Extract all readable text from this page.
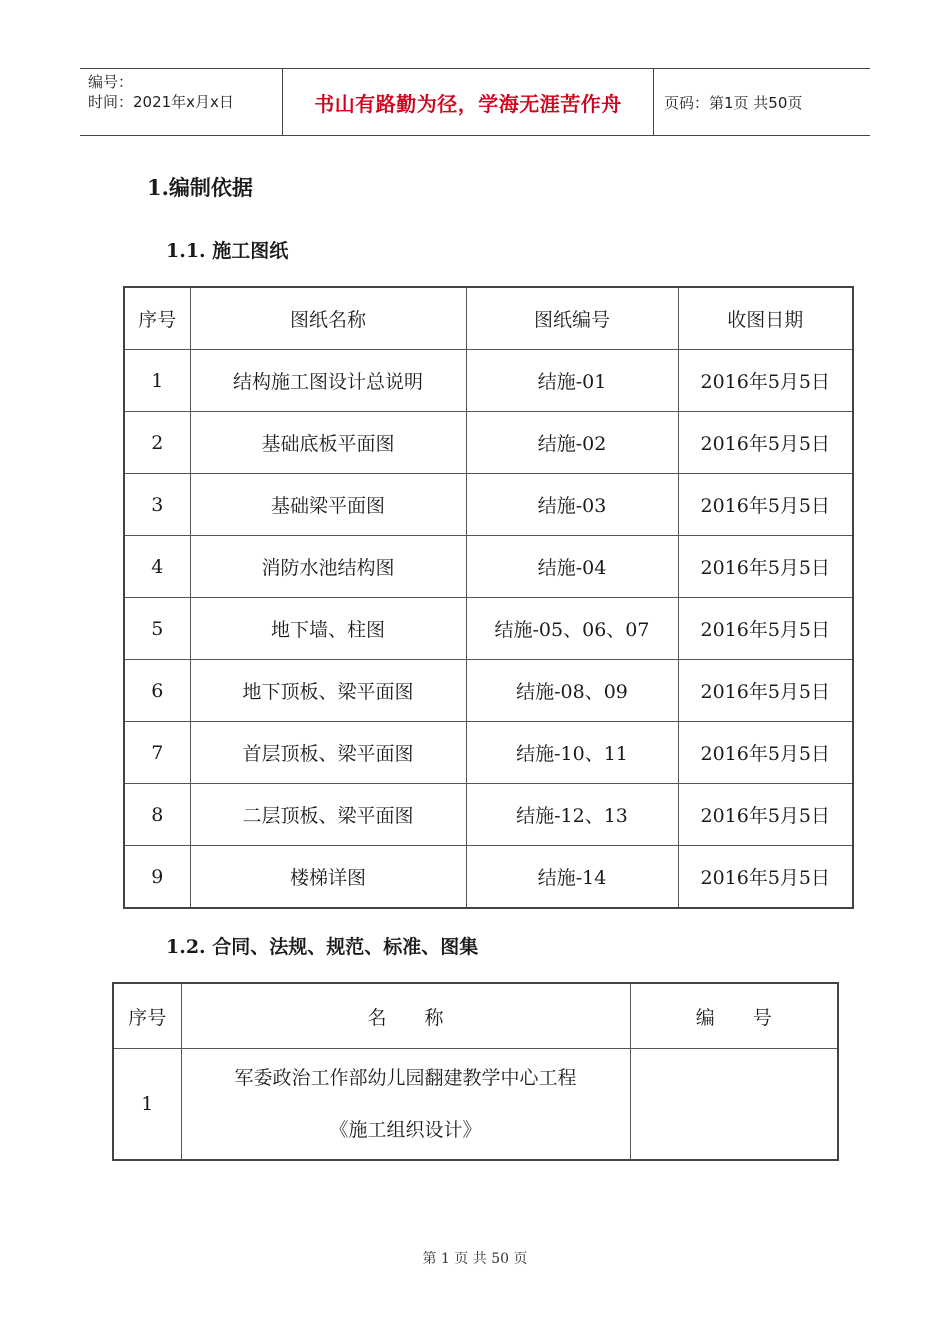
编号：
时间：2021年x月x日	书山有路勤为径，学海无涯苦作舟	页码：第1页 共50页
1.编制依据
1.1. 施工图纸
序号	图纸名称	图纸编号	收图日期
1	结构施工图设计总说明	结施-01	2016年5月5日
2	基础底板平面图	结施-02	2016年5月5日
3	基础梁平面图	结施-03	2016年5月5日
4	消防水池结构图	结施-04	2016年5月5日
5	地下墙、柱图	结施-05、06、07	2016年5月5日
6	地下顶板、梁平面图	结施-08、09	2016年5月5日
7	首层顶板、梁平面图	结施-10、11	2016年5月5日
8	二层顶板、梁平面图	结施-12、13	2016年5月5日
9	楼梯详图	结施-14	2016年5月5日
1.2. 合同、法规、规范、标准、图集
序号	名　　称	编　　号
1	军委政治工作部幼儿园翻建教学中心工程
《施工组织设计》	

第 1 页 共 50 页
